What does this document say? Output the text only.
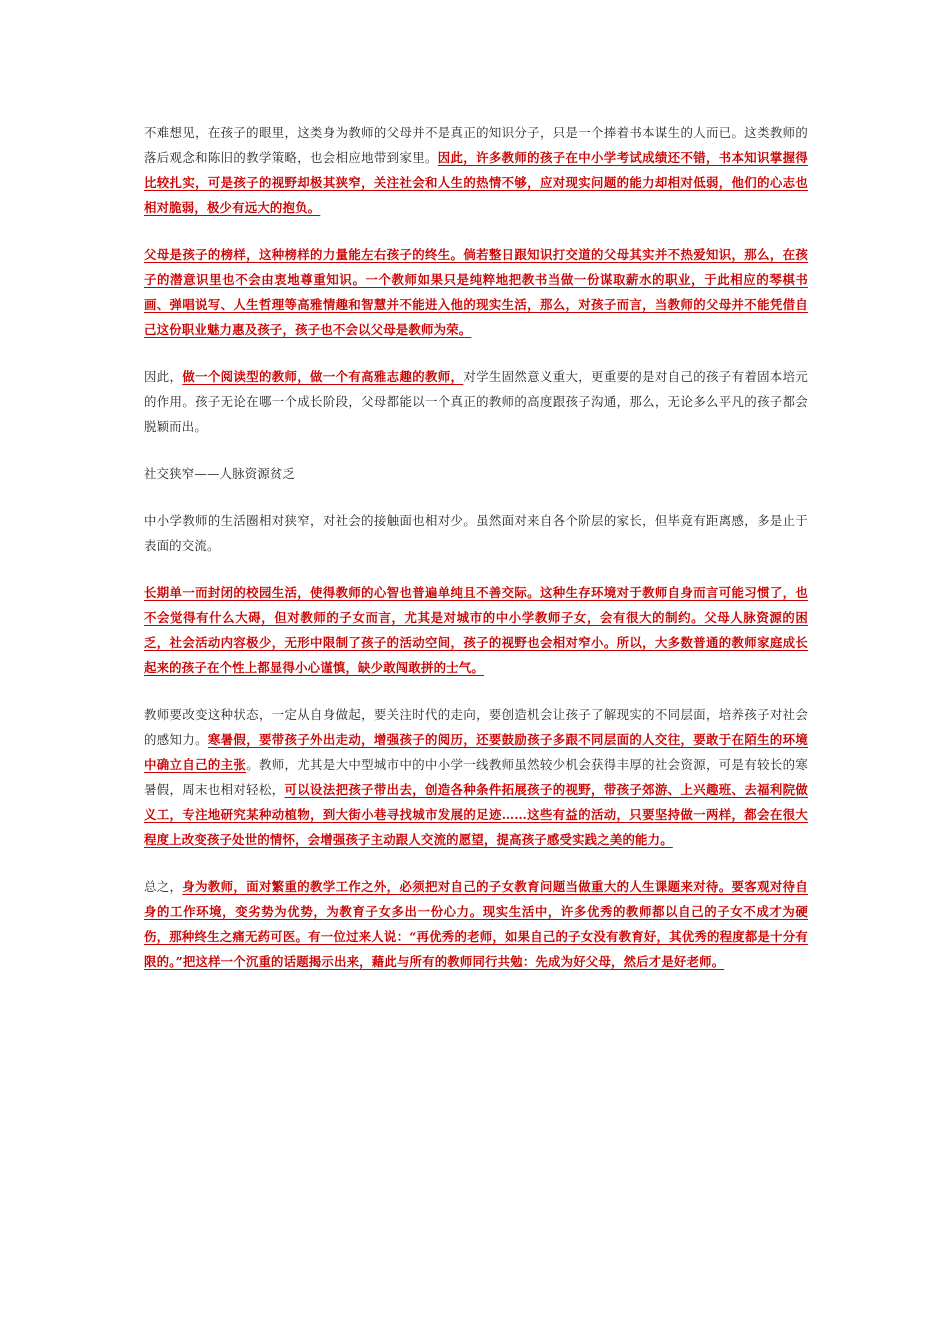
不难想见，在孩子的眼里，这类身为教师的父母并不是真正的知识分子，只是一个捧着书本谋生的人而已。这类教师的落后观念和陈旧的教学策略，也会相应地带到家里。因此，许多教师的孩子在中小学考试成绩还不错，书本知识掌握得比较扎实，可是孩子的视野却极其狭窄，关注社会和人生的热情不够，应对现实问题的能力却相对低弱，他们的心志也相对脆弱，极少有远大的抱负。

父母是孩子的榜样，这种榜样的力量能左右孩子的终生。倘若整日跟知识打交道的父母其实并不热爱知识，那么，在孩子的潜意识里也不会由衷地尊重知识。一个教师如果只是纯粹地把教书当做一份谋取薪水的职业，于此相应的琴棋书画、弹唱说写、人生哲理等高雅情趣和智慧并不能进入他的现实生活，那么，对孩子而言，当教师的父母并不能凭借自己这份职业魅力惠及孩子，孩子也不会以父母是教师为荣。

因此，做一个阅读型的教师，做一个有高雅志趣的教师，对学生固然意义重大，更重要的是对自己的孩子有着固本培元的作用。孩子无论在哪一个成长阶段，父母都能以一个真正的教师的高度跟孩子沟通，那么，无论多么平凡的孩子都会脱颖而出。

社交狭窄——人脉资源贫乏

中小学教师的生活圈相对狭窄，对社会的接触面也相对少。虽然面对来自各个阶层的家长，但毕竟有距离感，多是止于表面的交流。

长期单一而封闭的校园生活，使得教师的心智也普遍单纯且不善交际。这种生存环境对于教师自身而言可能习惯了，也不会觉得有什么大碍，但对教师的子女而言，尤其是对城市的中小学教师子女，会有很大的制约。父母人脉资源的困乏，社会活动内容极少，无形中限制了孩子的活动空间，孩子的视野也会相对窄小。所以，大多数普通的教师家庭成长起来的孩子在个性上都显得小心谨慎，缺少敢闯敢拼的士气。

教师要改变这种状态，一定从自身做起，要关注时代的走向，要创造机会让孩子了解现实的不同层面，培养孩子对社会的感知力。寒暑假，要带孩子外出走动，增强孩子的阅历，还要鼓励孩子多跟不同层面的人交往，要敢于在陌生的环境中确立自己的主张。教师，尤其是大中型城市中的中小学一线教师虽然较少机会获得丰厚的社会资源，可是有较长的寒暑假，周末也相对轻松，可以设法把孩子带出去，创造各种条件拓展孩子的视野，带孩子郊游、上兴趣班、去福利院做义工，专注地研究某种动植物，到大街小巷寻找城市发展的足迹……这些有益的活动，只要坚持做一两样，都会在很大程度上改变孩子处世的情怀，会增强孩子主动跟人交流的愿望，提高孩子感受实践之美的能力。

总之，身为教师，面对繁重的教学工作之外，必须把对自己的子女教育问题当做重大的人生课题来对待。要客观对待自身的工作环境，变劣势为优势，为教育子女多出一份心力。现实生活中，许多优秀的教师都以自己的子女不成才为硬伤，那种终生之痛无药可医。有一位过来人说：“再优秀的老师，如果自己的子女没有教育好，其优秀的程度都是十分有限的。”把这样一个沉重的话题揭示出来，藉此与所有的教师同行共勉：先成为好父母，然后才是好老师。
